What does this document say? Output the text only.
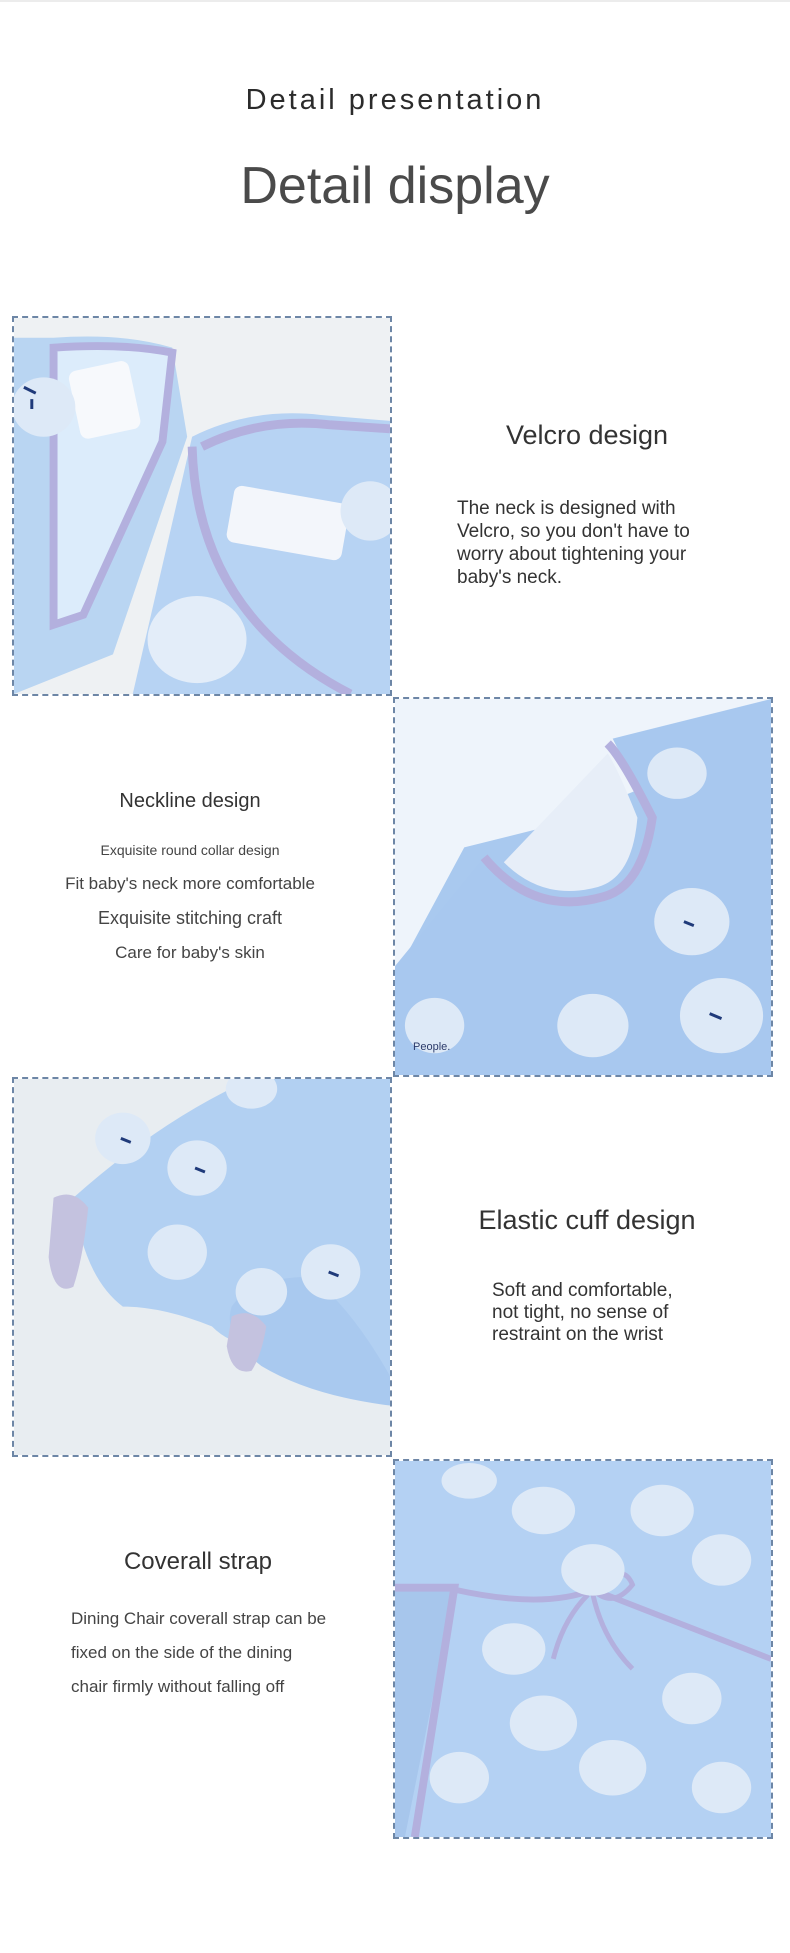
Detail presentation
Detail display
Velcro design
The neck is designed with Velcro, so you don't have to worry about tightening your baby's neck.
Neckline design
Exquisite round collar design
Fit baby's neck more comfortable
Exquisite stitching craft
Care for baby's skin
People.
Elastic cuff design
Soft and comfortable, not tight, no sense of restraint on the wrist
Coverall strap
Dining Chair coverall strap can be fixed on the side of the dining chair firmly without falling off
